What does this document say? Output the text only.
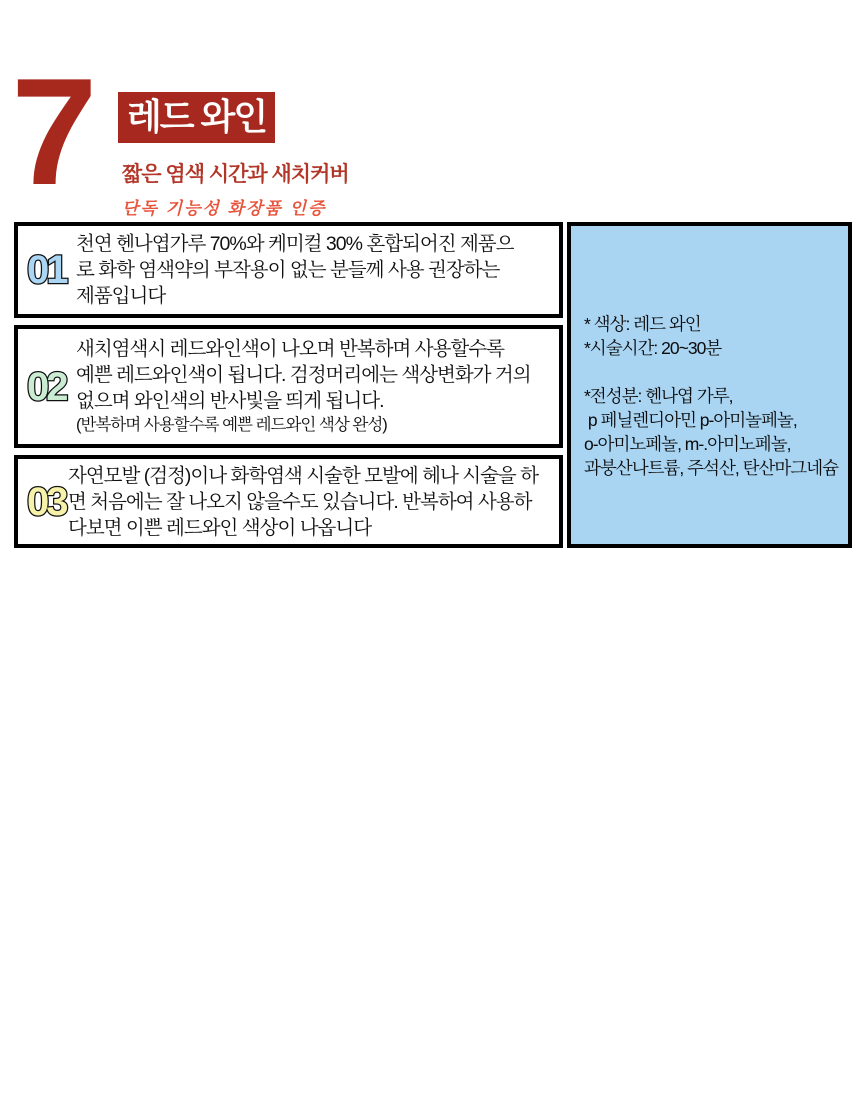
7 레드 와인
짧은 염색 시간과 새치커버
단독 기능성 화장품 인증
01
천연 헨나엽가루 70%와 케미컬 30% 혼합되어진 제품으
로 화학 염색약의 부작용이 없는 분들께 사용 권장하는
제품입니다
02
새치염색시 레드와인색이 나오며 반복하며 사용할수록
예쁜 레드와인색이 됩니다. 검정머리에는 색상변화가 거의
없으며 와인색의 반사빛을 띄게 됩니다.
(반복하며 사용할수록 예쁜 레드와인 색상 완성)
03
자연모발 (검정)이나 화학염색 시술한 모발에 헤나 시술을 하
면 처음에는 잘 나오지 않을수도 있습니다. 반복하여 사용하
다보면 이쁜 레드와인 색상이 나옵니다
* 색상: 레드 와인
*시술시간: 20~30분
*전성분: 헨나엽 가루,
p 페닐렌디아민 p-아미놀페놀,
o-아미노페놀, m-.아미노페놀,
과붕산나트륨, 주석산, 탄산마그네슘
